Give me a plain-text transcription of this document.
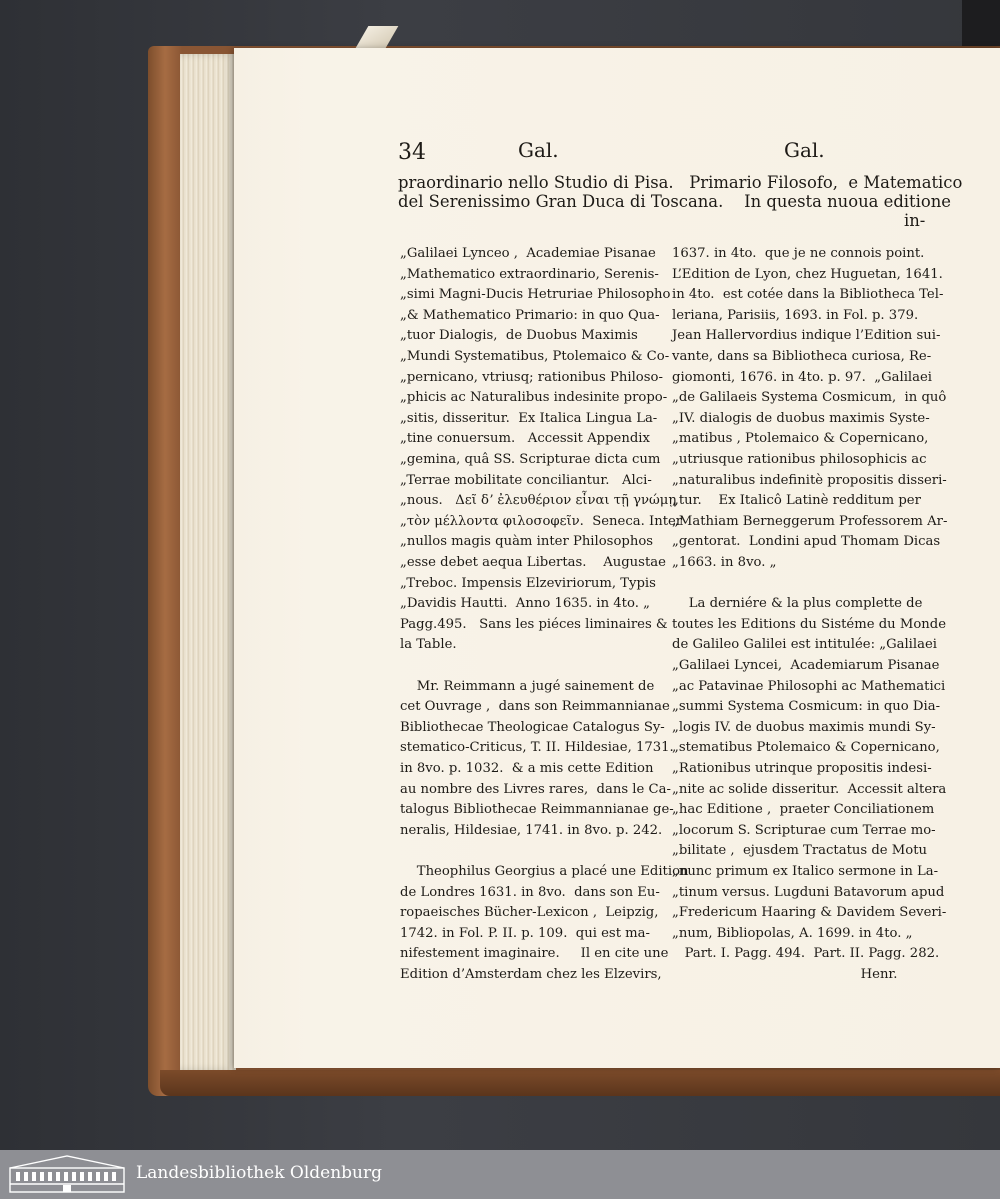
34	Gal.	Gal.

praordinario nello Studio di Pisa.   Primario Filosofo,  e Matematico

del Serenissimo Gran Duca di Toscana.    In questa nuoua editione

in-

„Galilaei Lynceo ,  Academiae Pisanae

„Mathematico extraordinario, Serenis-

„simi Magni-Ducis Hetruriae Philosopho

„& Mathematico Primario: in quo Qua-

„tuor Dialogis,  de Duobus Maximis

„Mundi Systematibus, Ptolemaico & Co-

„pernicano, vtriusq; rationibus Philoso-

„phicis ac Naturalibus indesinite propo-

„sitis, disseritur.  Ex Italica Lingua La-

„tine conuersum.   Accessit Appendix

„gemina, quâ SS. Scripturae dicta cum

„Terrae mobilitate conciliantur.   Alci-

„nous.   Δεῖ δʼ ἐλευθέριον εἶναι τῇ γνώμῃ

„τὸν μέλλοντα φιλοσοφεῖν.  Seneca. Inter

„nullos magis quàm inter Philosophos

„esse debet aequa Libertas.    Augustae

„Treboc. Impensis Elzeviriorum, Typis

„Davidis Hautti.  Anno 1635. in 4to. „

Pagg.495.   Sans les piéces liminaires &

la Table.

Mr. Reimmann a jugé sainement de

cet Ouvrage ,  dans son Reimmannianae

Bibliothecae Theologicae Catalogus Sy-

stematico-Criticus, T. II. Hildesiae, 1731.

in 8vo. p. 1032.  & a mis cette Edition

au nombre des Livres rares,  dans le Ca-

talogus Bibliothecae Reimmannianae ge-

neralis, Hildesiae, 1741. in 8vo. p. 242.

Theophilus Georgius a placé une Edition

de Londres 1631. in 8vo.  dans son Eu-

ropaeisches Bücher-Lexicon ,  Leipzig,

1742. in Fol. P. II. p. 109.  qui est ma-

nifestement imaginaire.     Il en cite une

Edition d’Amsterdam chez les Elzevirs,

1637. in 4to.  que je ne connois point.

L’Edition de Lyon, chez Huguetan, 1641.

in 4to.  est cotée dans la Bibliotheca Tel-

leriana, Parisiis, 1693. in Fol. p. 379.

Jean Hallervordius indique l’Edition sui-

vante, dans sa Bibliotheca curiosa, Re-

giomonti, 1676. in 4to. p. 97.  „Galilaei

„de Galilaeis Systema Cosmicum,  in quô

„IV. dialogis de duobus maximis Syste-

„matibus , Ptolemaico & Copernicano,

„utriusque rationibus philosophicis ac

„naturalibus indefinitè propositis disseri-

„tur.    Ex Italicô Latinè redditum per

„Mathiam Berneggerum Professorem Ar-

„gentorat.  Londini apud Thomam Dicas

„1663. in 8vo. „

La derniére & la plus complette de

toutes les Editions du Sistéme du Monde

de Galileo Galilei est intitulée: „Galilaei

„Galilaei Lyncei,  Academiarum Pisanae

„ac Patavinae Philosophi ac Mathematici

„summi Systema Cosmicum: in quo Dia-

„logis IV. de duobus maximis mundi Sy-

„stematibus Ptolemaico & Copernicano,

„Rationibus utrinque propositis indesi-

„nite ac solide disseritur.  Accessit altera

„hac Editione ,  praeter Conciliationem

„locorum S. Scripturae cum Terrae mo-

„bilitate ,  ejusdem Tractatus de Motu

„nunc primum ex Italico sermone in La-

„tinum versus. Lugduni Batavorum apud

„Fredericum Haaring & Davidem Severi-

„num, Bibliopolas, A. 1699. in 4to. „

Part. I. Pagg. 494.  Part. II. Pagg. 282.

Henr.

Landesbibliothek Oldenburg
